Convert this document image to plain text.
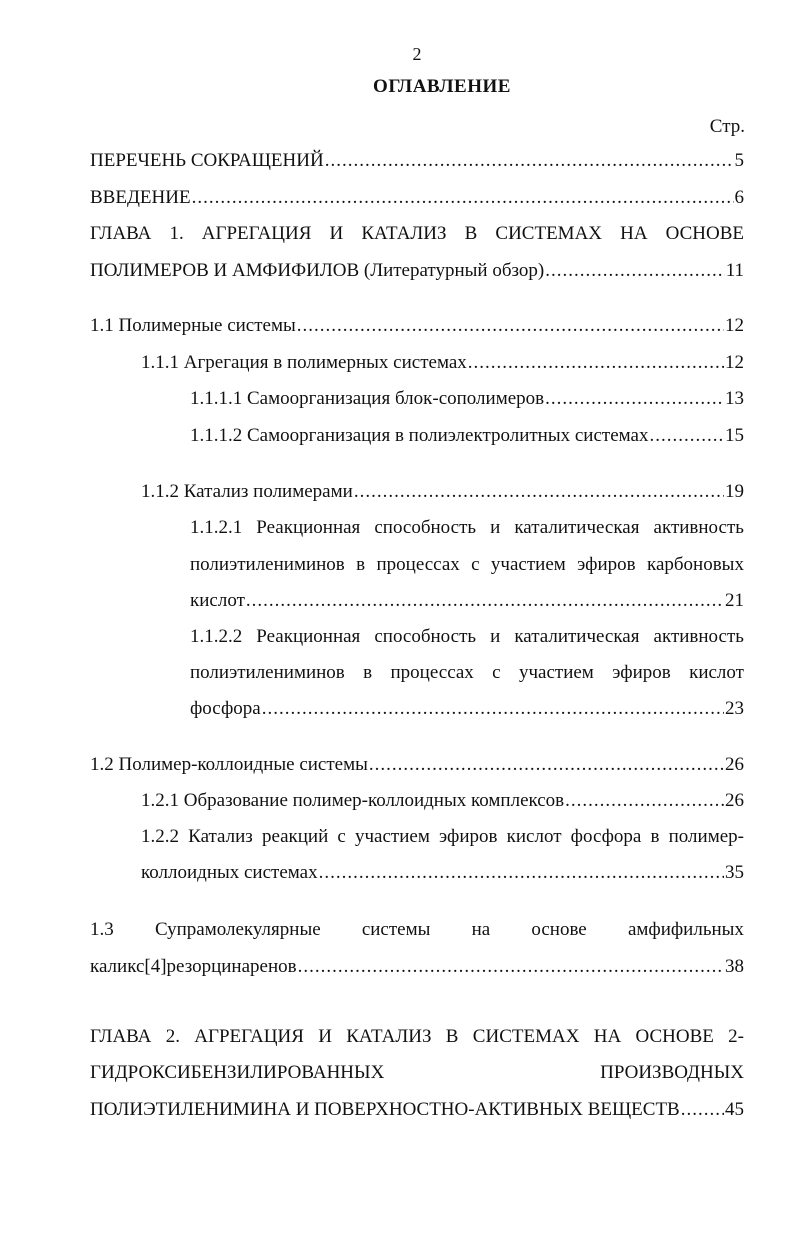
2
ОГЛАВЛЕНИЕ
Стр.
ПЕРЕЧЕНЬ СОКРАЩЕНИЙ .....	5
ВВЕДЕНИЕ .....	6
ГЛАВА 1. АГРЕГАЦИЯ И КАТАЛИЗ В СИСТЕМАХ НА ОСНОВЕ
ПОЛИМЕРОВ И АМФИФИЛОВ (Литературный обзор) .....	11
1.1 Полимерные системы .....	12
1.1.1 Агрегация в полимерных системах .....	12
1.1.1.1 Самоорганизация блок-сополимеров .....	13
1.1.1.2 Самоорганизация в полиэлектролитных системах .....	15
1.1.2 Катализ полимерами .....	19
1.1.2.1 Реакционная способность и каталитическая активность
полиэтилениминов в процессах с участием эфиров карбоновых
кислот .....	21
1.1.2.2 Реакционная способность и каталитическая активность
полиэтилениминов в процессах с участием эфиров кислот
фосфора .....	23
1.2 Полимер-коллоидные системы .....	26
1.2.1 Образование полимер-коллоидных комплексов .....	26
1.2.2 Катализ реакций с участием эфиров кислот фосфора в полимер-
коллоидных системах .....	35
1.3 Супрамолекулярные системы на основе амфифильных
каликс[4]резорцинаренов .....	38
ГЛАВА 2. АГРЕГАЦИЯ И КАТАЛИЗ В СИСТЕМАХ НА ОСНОВЕ 2-
ГИДРОКСИБЕНЗИЛИРОВАННЫХ	ПРОИЗВОДНЫХ
ПОЛИЭТИЛЕНИМИНА И ПОВЕРХНОСТНО-АКТИВНЫХ ВЕЩЕСТВ ..... 45
